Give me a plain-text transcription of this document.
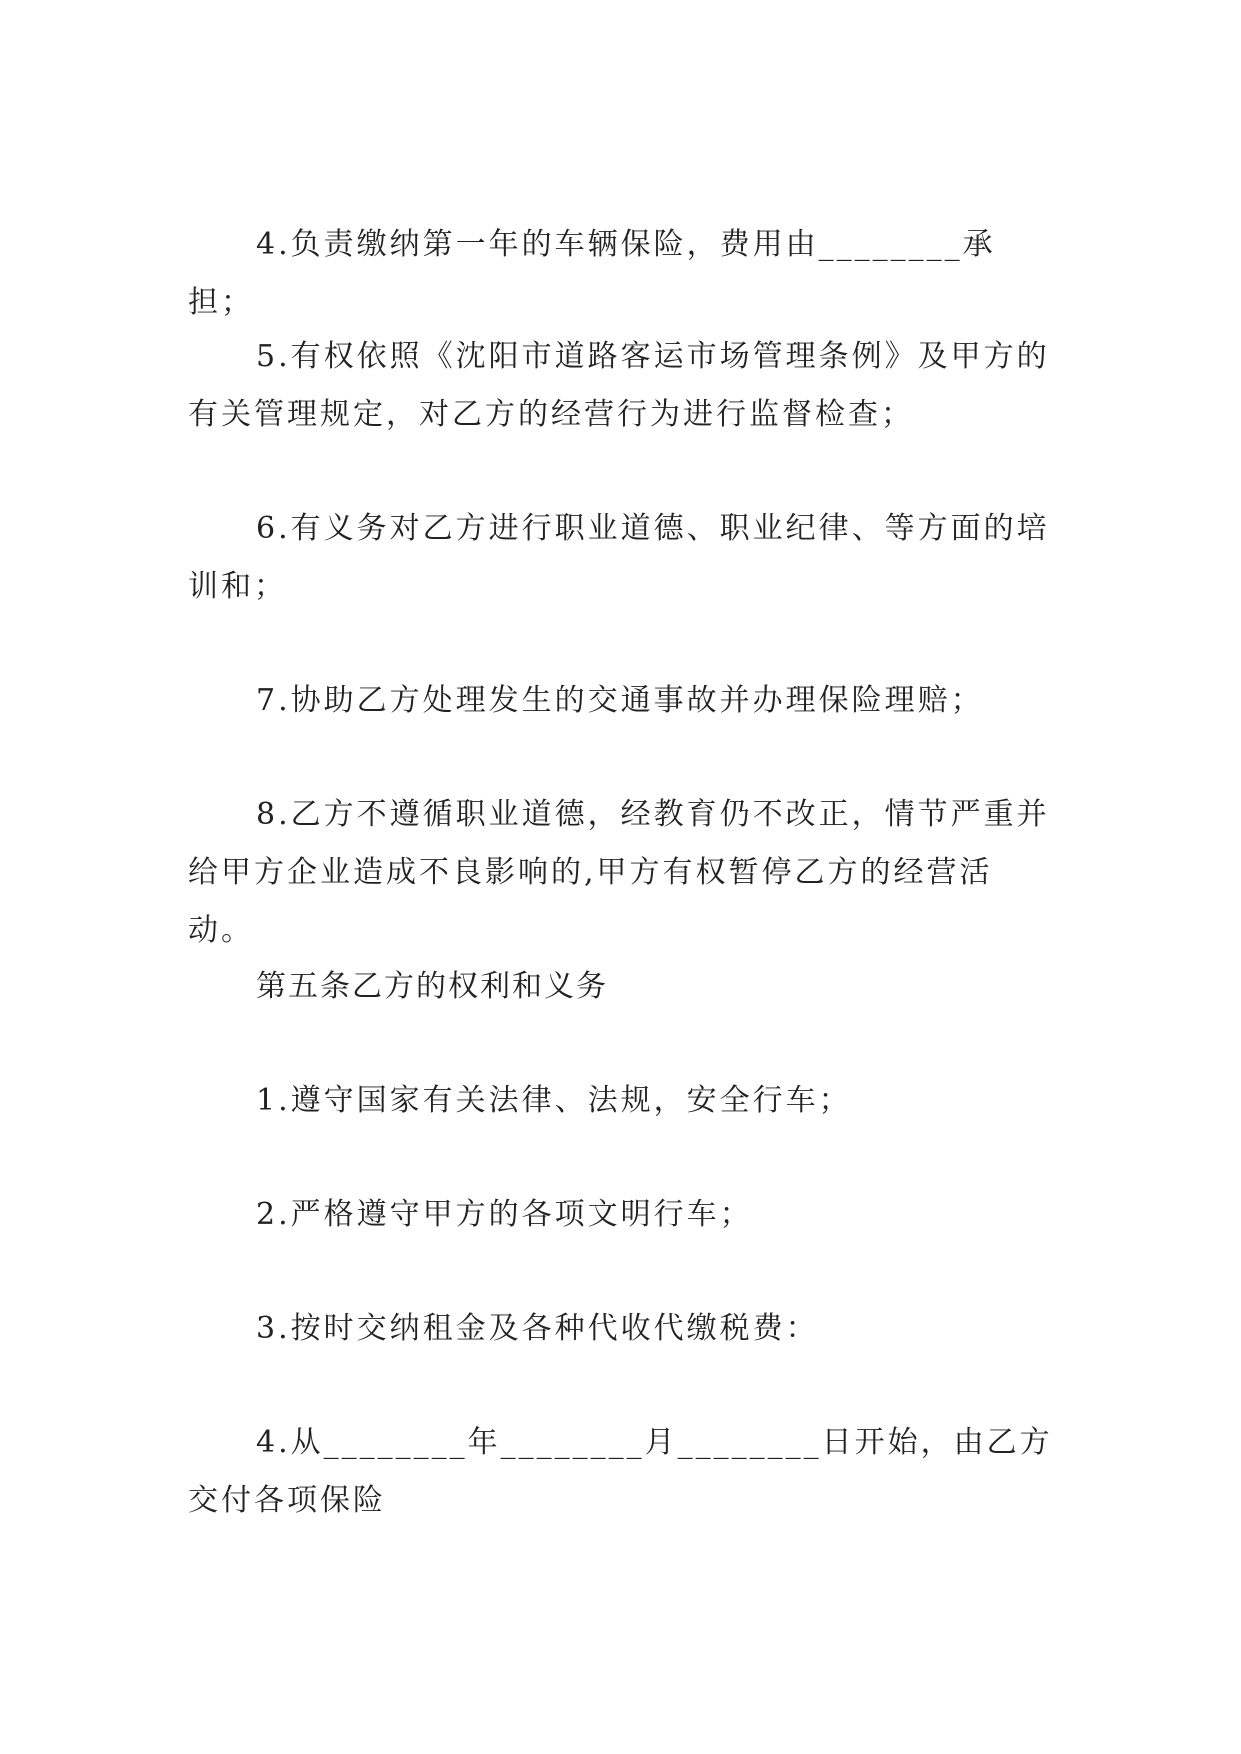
4.负责缴纳第一年的车辆保险，费用由________承担；

5.有权依照《沈阳市道路客运市场管理条例》及甲方的有关管理规定，对乙方的经营行为进行监督检查；

6.有义务对乙方进行职业道德、职业纪律、等方面的培训和；

7.协助乙方处理发生的交通事故并办理保险理赔；

8.乙方不遵循职业道德，经教育仍不改正，情节严重并给甲方企业造成不良影响的,甲方有权暂停乙方的经营活动。

第五条乙方的权利和义务

1.遵守国家有关法律、法规，安全行车；

2.严格遵守甲方的各项文明行车；

3.按时交纳租金及各种代收代缴税费：

4.从________年________月________日开始，由乙方交付各项保险
